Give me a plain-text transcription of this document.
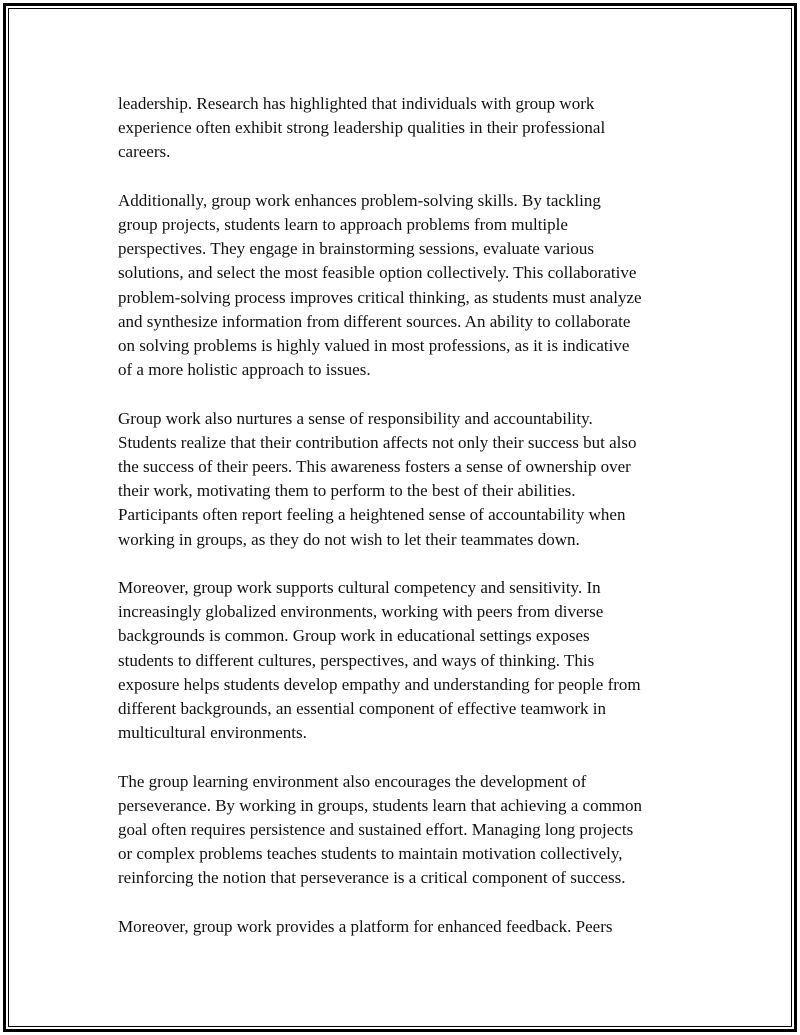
leadership. Research has highlighted that individuals with group work
experience often exhibit strong leadership qualities in their professional
careers.

Additionally, group work enhances problem-solving skills. By tackling
group projects, students learn to approach problems from multiple
perspectives. They engage in brainstorming sessions, evaluate various
solutions, and select the most feasible option collectively. This collaborative
problem-solving process improves critical thinking, as students must analyze
and synthesize information from different sources. An ability to collaborate
on solving problems is highly valued in most professions, as it is indicative
of a more holistic approach to issues.

Group work also nurtures a sense of responsibility and accountability.
Students realize that their contribution affects not only their success but also
the success of their peers. This awareness fosters a sense of ownership over
their work, motivating them to perform to the best of their abilities.
Participants often report feeling a heightened sense of accountability when
working in groups, as they do not wish to let their teammates down.

Moreover, group work supports cultural competency and sensitivity. In
increasingly globalized environments, working with peers from diverse
backgrounds is common. Group work in educational settings exposes
students to different cultures, perspectives, and ways of thinking. This
exposure helps students develop empathy and understanding for people from
different backgrounds, an essential component of effective teamwork in
multicultural environments.

The group learning environment also encourages the development of
perseverance. By working in groups, students learn that achieving a common
goal often requires persistence and sustained effort. Managing long projects
or complex problems teaches students to maintain motivation collectively,
reinforcing the notion that perseverance is a critical component of success.

Moreover, group work provides a platform for enhanced feedback. Peers
